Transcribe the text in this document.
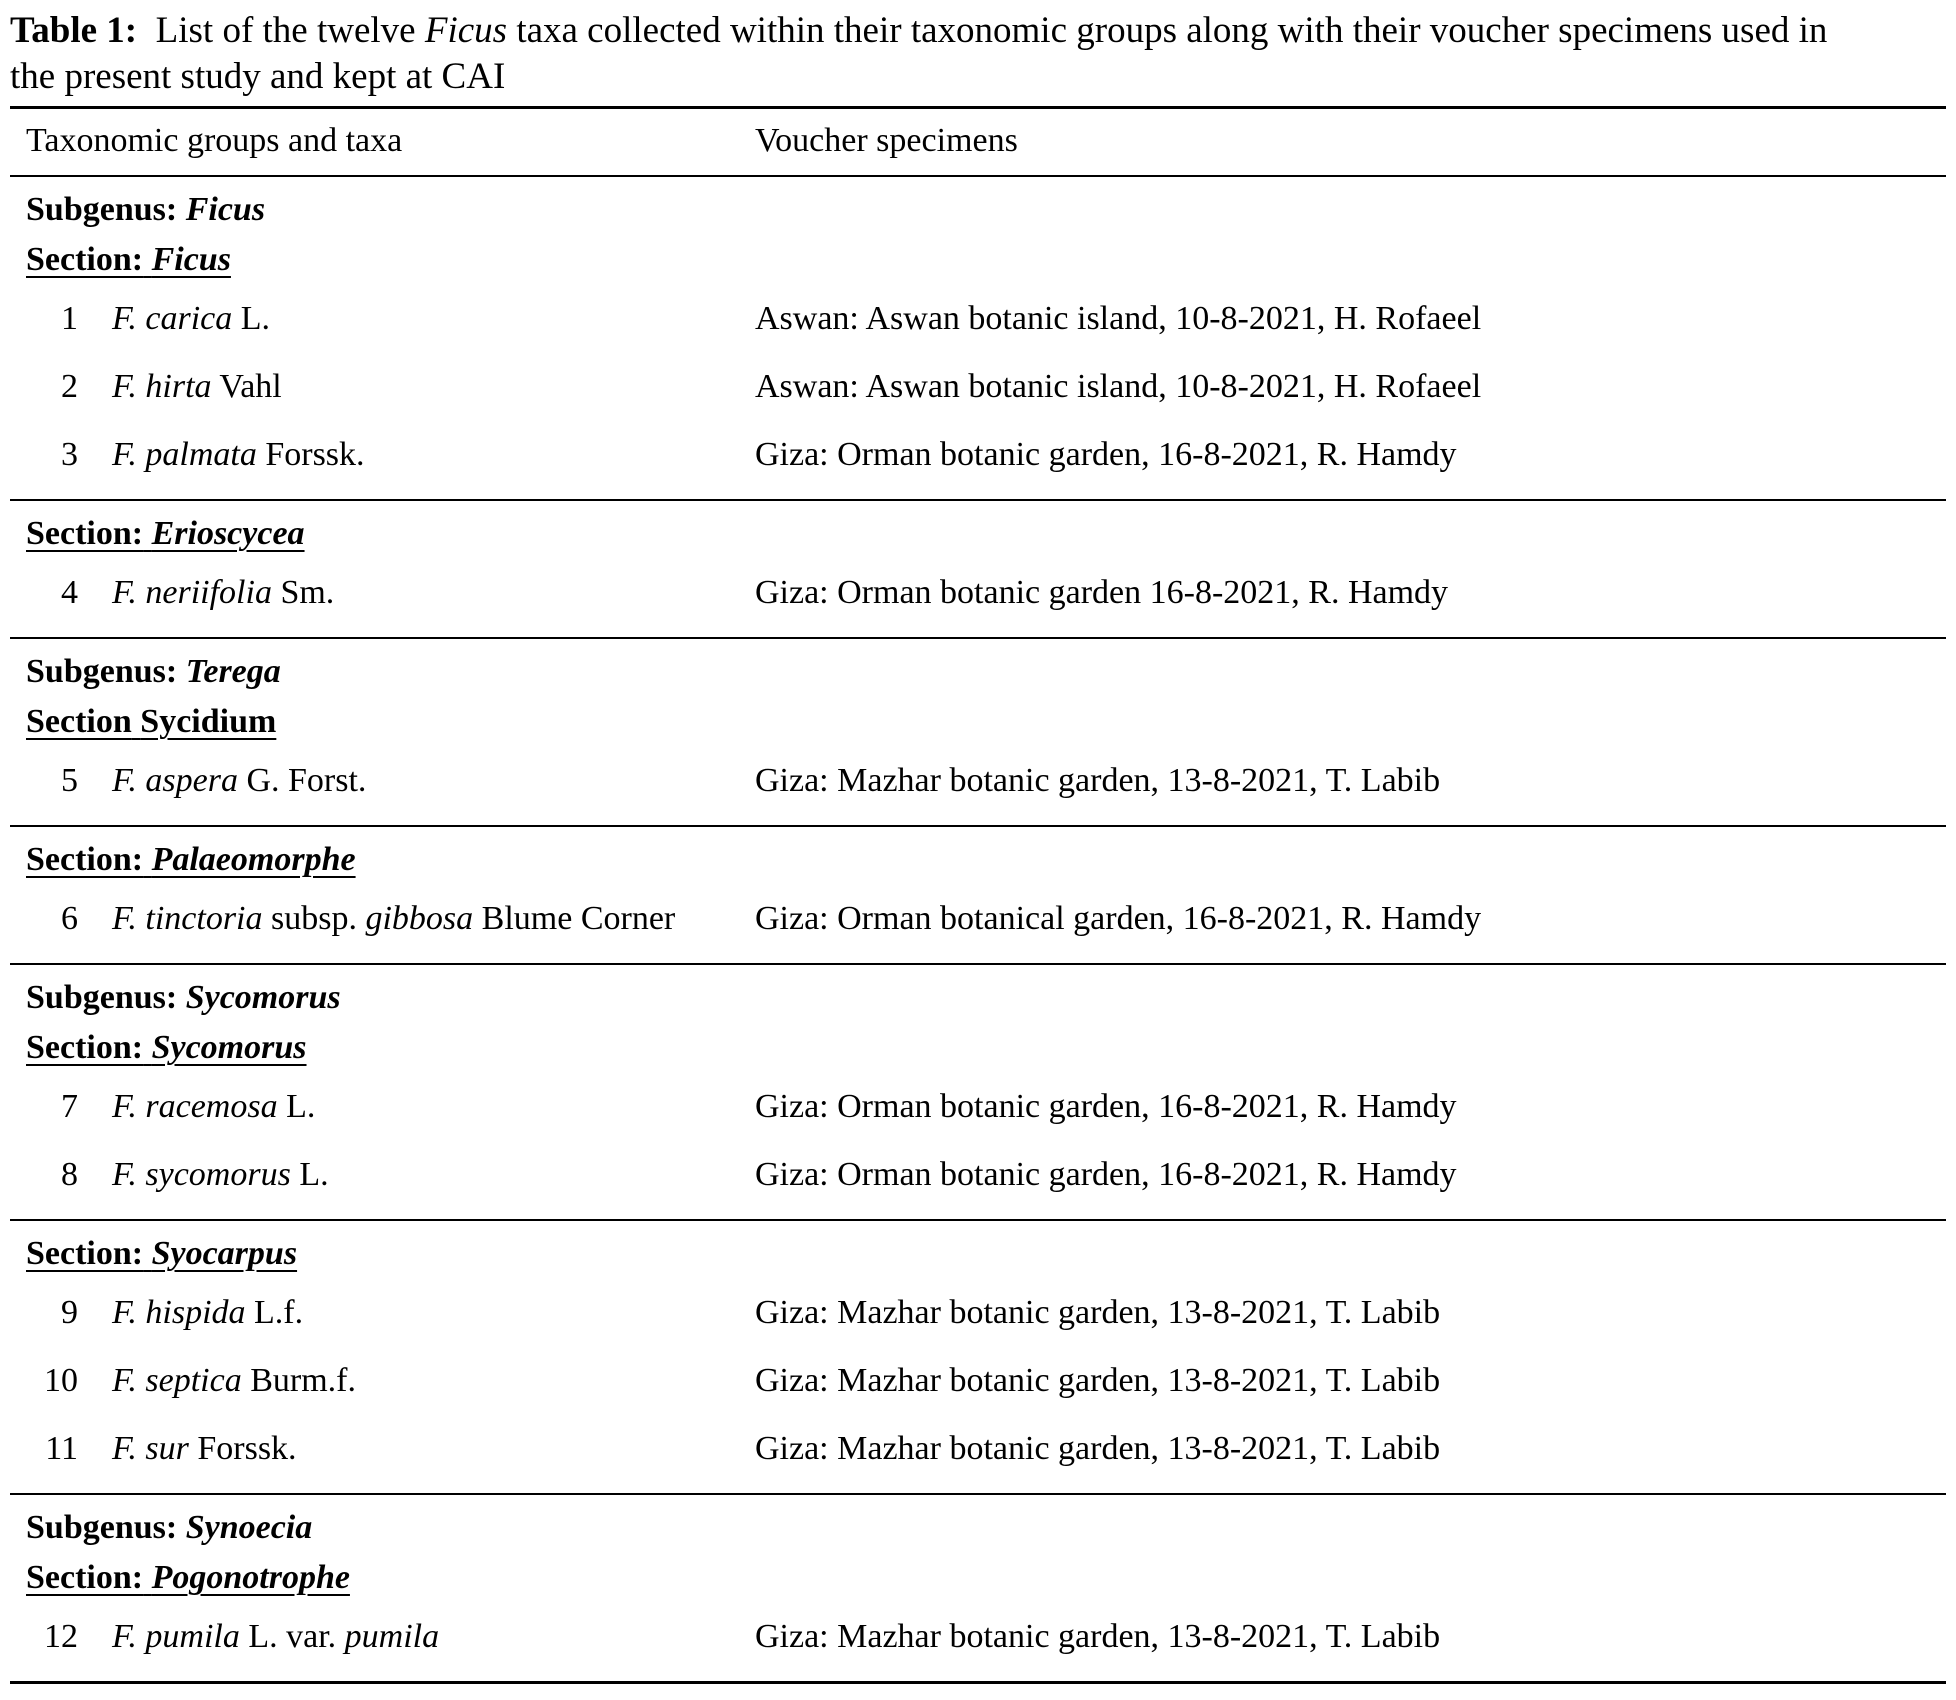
Table 1: List of the twelve Ficus taxa collected within their taxonomic groups along with their voucher specimens used in the present study and kept at CAI

Taxonomic groups and taxa	Voucher specimens
Subgenus: Ficus
Section: Ficus
1	F. carica L.	Aswan: Aswan botanic island, 10-8-2021, H. Rofaeel
2	F. hirta Vahl	Aswan: Aswan botanic island, 10-8-2021, H. Rofaeel
3	F. palmata Forssk.	Giza: Orman botanic garden, 16-8-2021, R. Hamdy
Section: Erioscycea
4	F. neriifolia Sm.	Giza: Orman botanic garden 16-8-2021, R. Hamdy
Subgenus: Terega
Section Sycidium
5	F. aspera G. Forst.	Giza: Mazhar botanic garden, 13-8-2021, T. Labib
Section: Palaeomorphe
6	F. tinctoria subsp. gibbosa Blume Corner	Giza: Orman botanical garden, 16-8-2021, R. Hamdy
Subgenus: Sycomorus
Section: Sycomorus
7	F. racemosa L.	Giza: Orman botanic garden, 16-8-2021, R. Hamdy
8	F. sycomorus L.	Giza: Orman botanic garden, 16-8-2021, R. Hamdy
Section: Syocarpus
9	F. hispida L.f.	Giza: Mazhar botanic garden, 13-8-2021, T. Labib
10	F. septica Burm.f.	Giza: Mazhar botanic garden, 13-8-2021, T. Labib
11	F. sur Forssk.	Giza: Mazhar botanic garden, 13-8-2021, T. Labib
Subgenus: Synoecia
Section: Pogonotrophe
12	F. pumila L. var. pumila	Giza: Mazhar botanic garden, 13-8-2021, T. Labib
